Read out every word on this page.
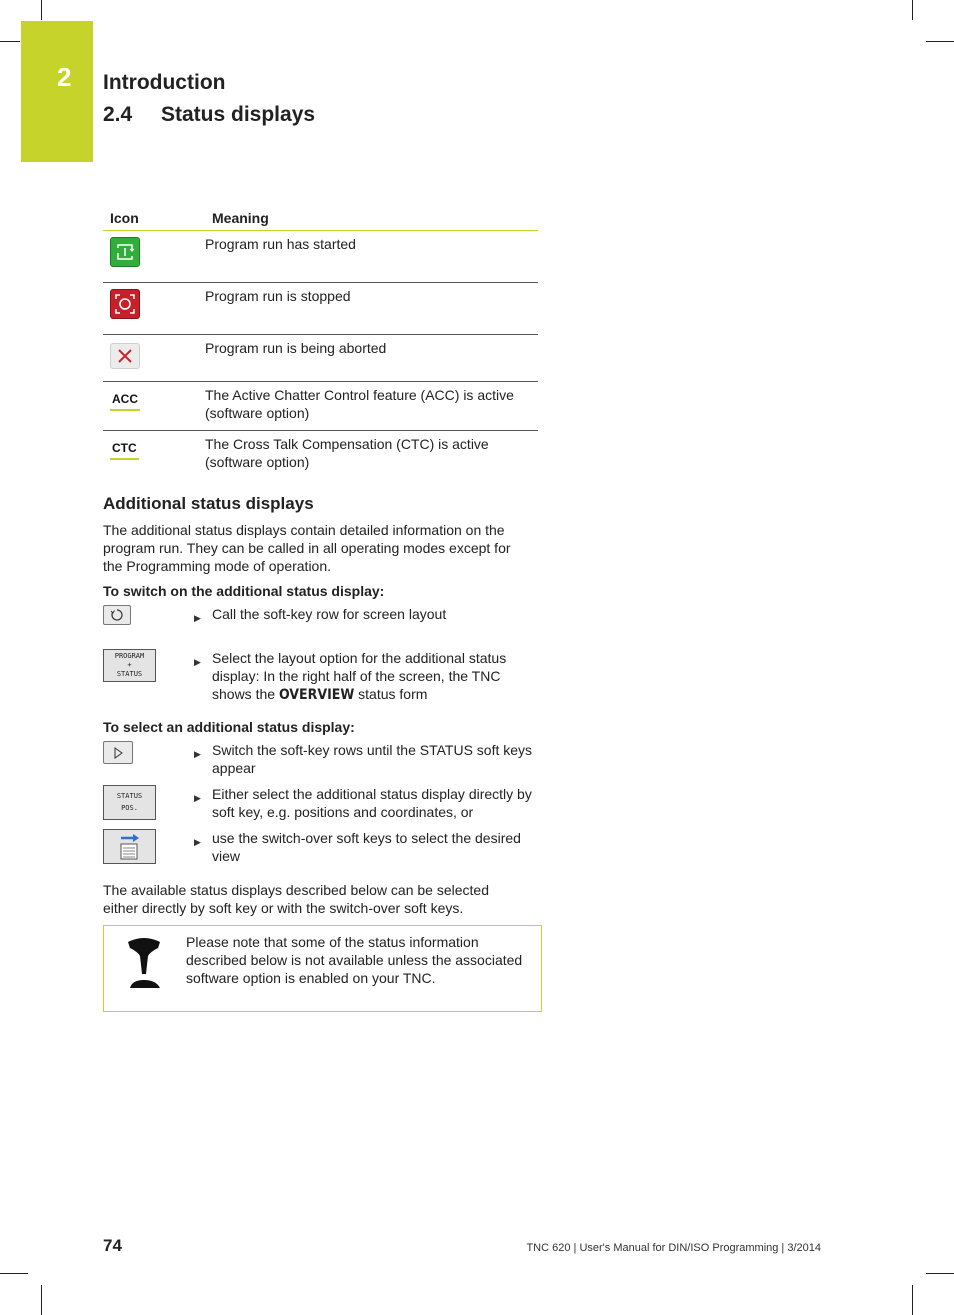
2 Introduction
2.4 Status displays
Icon	Meaning

	Program run has started

	Program run is stopped

	Program run is being aborted
ACC	The Active Chatter Control feature (ACC) is active (software option)
CTC	The Cross Talk Compensation (CTC) is active (software option)
Additional status displays
The additional status displays contain detailed information on the program run. They can be called in all operating modes except for the Programming mode of operation.
To switch on the additional status display:
▶ Call the soft-key row for screen layout
PROGRAM
+
STATUS
▶ Select the layout option for the additional status display: In the right half of the screen, the TNC shows the OVERVIEW status form
To select an additional status display:
▶ Switch the soft-key rows until the STATUS soft keys appear
STATUS
POS.
▶ Either select the additional status display directly by soft key, e.g. positions and coordinates, or
▶ use the switch-over soft keys to select the desired view
The available status displays described below can be selected either directly by soft key or with the switch-over soft keys.
Please note that some of the status information described below is not available unless the associated software option is enabled on your TNC.
74	TNC 620 | User's Manual for DIN/ISO Programming | 3/2014
